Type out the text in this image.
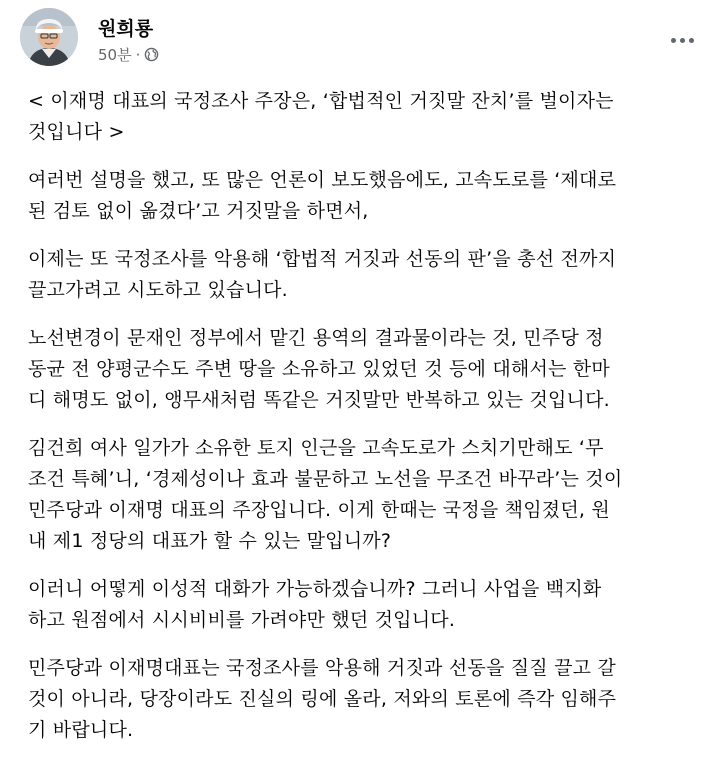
원희룡
50분 ·

< 이재명 대표의 국정조사 주장은, ‘합법적인 거짓말 잔치’를 벌이자는
것입니다 >

여러번 설명을 했고, 또 많은 언론이 보도했음에도, 고속도로를 ‘제대로
된 검토 없이 옮겼다’고 거짓말을 하면서,

이제는 또 국정조사를 악용해 ‘합법적 거짓과 선동의 판’을 총선 전까지
끌고가려고 시도하고 있습니다.

노선변경이 문재인 정부에서 맡긴 용역의 결과물이라는 것, 민주당 정
동균 전 양평군수도 주변 땅을 소유하고 있었던 것 등에 대해서는 한마
디 해명도 없이, 앵무새처럼 똑같은 거짓말만 반복하고 있는 것입니다.

김건희 여사 일가가 소유한 토지 인근을 고속도로가 스치기만해도 ‘무
조건 특혜’니, ‘경제성이나 효과 불문하고 노선을 무조건 바꾸라’는 것이
민주당과 이재명 대표의 주장입니다. 이게 한때는 국정을 책임졌던, 원
내 제1 정당의 대표가 할 수 있는 말입니까?

이러니 어떻게 이성적 대화가 가능하겠습니까? 그러니 사업을 백지화
하고 원점에서 시시비비를 가려야만 했던 것입니다.

민주당과 이재명대표는 국정조사를 악용해 거짓과 선동을 질질 끌고 갈
것이 아니라, 당장이라도 진실의 링에 올라, 저와의 토론에 즉각 임해주
기 바랍니다.
